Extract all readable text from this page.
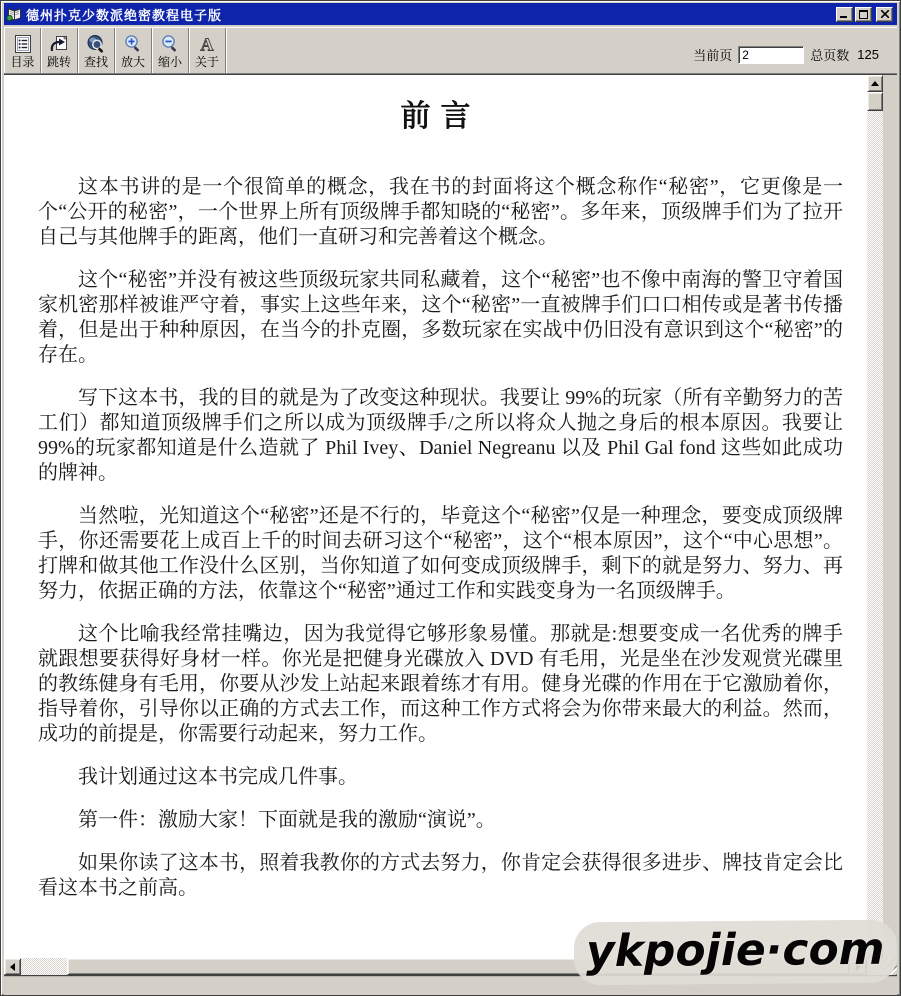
德州扑克少数派绝密教程电子版
目录 跳转 查找 放大 缩小
A
关于	当前页
2	总页数 125
前言

这本书讲的是一个很简单的概念，我在书的封面将这个概念称作“秘密”，它更像是一个“公开的秘密”，一个世界上所有顶级牌手都知晓的“秘密”。多年来，顶级牌手们为了拉开自己与其他牌手的距离，他们一直研习和完善着这个概念。

这个“秘密”并没有被这些顶级玩家共同私藏着，这个“秘密”也不像中南海的警卫守着国家机密那样被谁严守着，事实上这些年来，这个“秘密”一直被牌手们口口相传或是著书传播着，但是出于种种原因，在当今的扑克圈，多数玩家在实战中仍旧没有意识到这个“秘密”的存在。

写下这本书，我的目的就是为了改变这种现状。我要让 99%的玩家（所有辛勤努力的苦工们）都知道顶级牌手们之所以成为顶级牌手/之所以将众人抛之身后的根本原因。我要让99%的玩家都知道是什么造就了 Phil Ivey、Daniel Negreanu 以及 Phil Gal fond 这些如此成功的牌神。

当然啦，光知道这个“秘密”还是不行的，毕竟这个“秘密”仅是一种理念，要变成顶级牌手，你还需要花上成百上千的时间去研习这个“秘密”，这个“根本原因”，这个“中心思想”。打牌和做其他工作没什么区别，当你知道了如何变成顶级牌手，剩下的就是努力、努力、再努力，依据正确的方法，依靠这个“秘密”通过工作和实践变身为一名顶级牌手。

这个比喻我经常挂嘴边，因为我觉得它够形象易懂。那就是:想要变成一名优秀的牌手就跟想要获得好身材一样。你光是把健身光碟放入 DVD 有毛用，光是坐在沙发观赏光碟里的教练健身有毛用，你要从沙发上站起来跟着练才有用。健身光碟的作用在于它激励着你，指导着你，引导你以正确的方式去工作，而这种工作方式将会为你带来最大的利益。然而，成功的前提是，你需要行动起来，努力工作。

我计划通过这本书完成几件事。

第一件：激励大家！下面就是我的激励“演说”。

如果你读了这本书，照着我教你的方式去努力，你肯定会获得很多进步、牌技肯定会比看这本书之前高。

ykpojie·com
